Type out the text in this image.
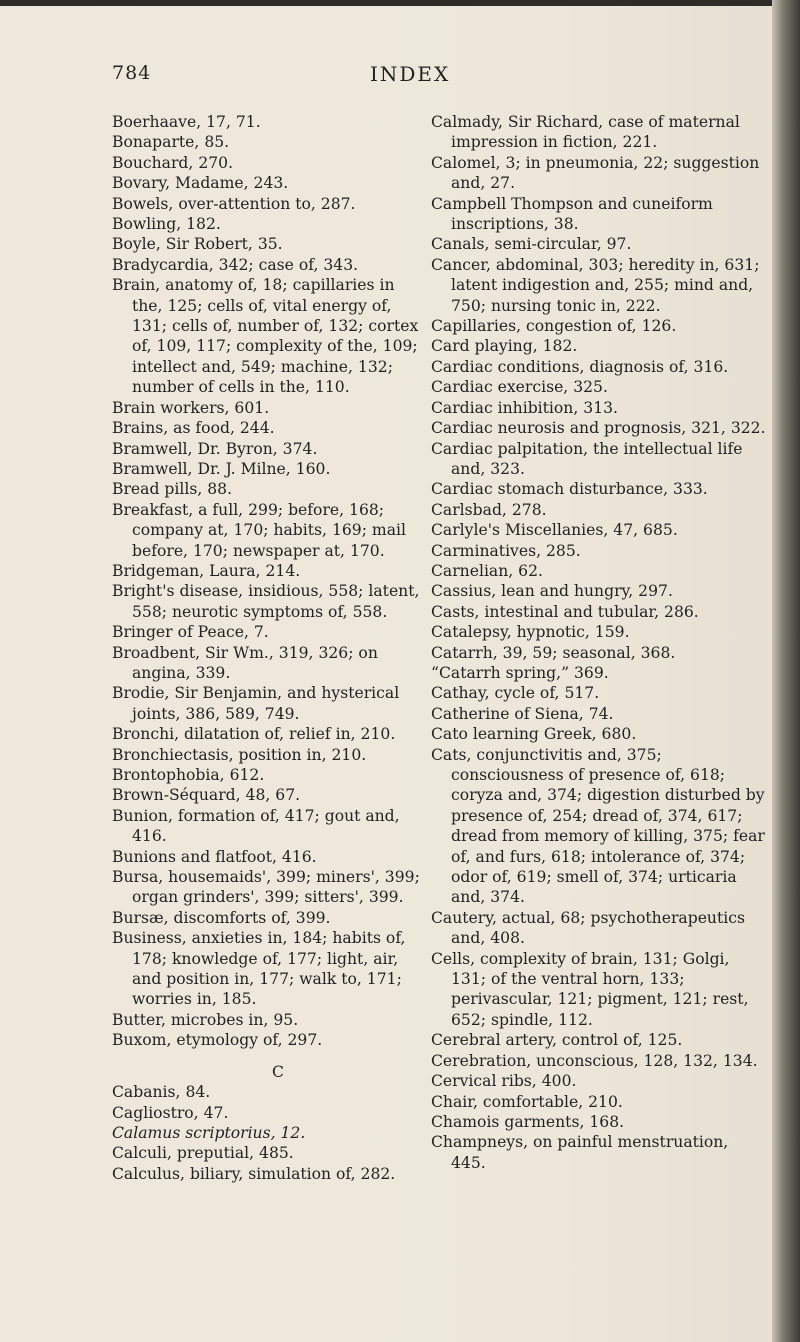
784	INDEX

Boerhaave, 17, 71.

Bonaparte, 85.

Bouchard, 270.

Bovary, Madame, 243.

Bowels, over-attention to, 287.

Bowling, 182.

Boyle, Sir Robert, 35.

Bradycardia, 342; case of, 343.

Brain, anatomy of, 18; capillaries in the, 125; cells of, vital energy of, 131; cells of, number of, 132; cortex of, 109, 117; complexity of the, 109; intellect and, 549; machine, 132; number of cells in the, 110.

Brain workers, 601.

Brains, as food, 244.

Bramwell, Dr. Byron, 374.

Bramwell, Dr. J. Milne, 160.

Bread pills, 88.

Breakfast, a full, 299; before, 168; company at, 170; habits, 169; mail before, 170; newspaper at, 170.

Bridgeman, Laura, 214.

Bright's disease, insidious, 558; latent, 558; neurotic symptoms of, 558.

Bringer of Peace, 7.

Broadbent, Sir Wm., 319, 326; on angina, 339.

Brodie, Sir Benjamin, and hysterical joints, 386, 589, 749.

Bronchi, dilatation of, relief in, 210.

Bronchiectasis, position in, 210.

Brontophobia, 612.

Brown-Séquard, 48, 67.

Bunion, formation of, 417; gout and, 416.

Bunions and flatfoot, 416.

Bursa, housemaids', 399; miners', 399; organ grinders', 399; sitters', 399.

Bursæ, discomforts of, 399.

Business, anxieties in, 184; habits of, 178; knowledge of, 177; light, air, and position in, 177; walk to, 171; worries in, 185.

Butter, microbes in, 95.

Buxom, etymology of, 297.

C

Cabanis, 84.

Cagliostro, 47.

Calamus scriptorius, 12.

Calculi, preputial, 485.

Calculus, biliary, simulation of, 282.

Calmady, Sir Richard, case of maternal impression in fiction, 221.

Calomel, 3; in pneumonia, 22; suggestion and, 27.

Campbell Thompson and cuneiform inscriptions, 38.

Canals, semi-circular, 97.

Cancer, abdominal, 303; heredity in, 631; latent indigestion and, 255; mind and, 750; nursing tonic in, 222.

Capillaries, congestion of, 126.

Card playing, 182.

Cardiac conditions, diagnosis of, 316.

Cardiac exercise, 325.

Cardiac inhibition, 313.

Cardiac neurosis and prognosis, 321, 322.

Cardiac palpitation, the intellectual life and, 323.

Cardiac stomach disturbance, 333.

Carlsbad, 278.

Carlyle's Miscellanies, 47, 685.

Carminatives, 285.

Carnelian, 62.

Cassius, lean and hungry, 297.

Casts, intestinal and tubular, 286.

Catalepsy, hypnotic, 159.

Catarrh, 39, 59; seasonal, 368.

“Catarrh spring,” 369.

Cathay, cycle of, 517.

Catherine of Siena, 74.

Cato learning Greek, 680.

Cats, conjunctivitis and, 375; consciousness of presence of, 618; coryza and, 374; digestion disturbed by presence of, 254; dread of, 374, 617; dread from memory of killing, 375; fear of, and furs, 618; intolerance of, 374; odor of, 619; smell of, 374; urticaria and, 374.

Cautery, actual, 68; psychotherapeutics and, 408.

Cells, complexity of brain, 131; Golgi, 131; of the ventral horn, 133; perivascular, 121; pigment, 121; rest, 652; spindle, 112.

Cerebral artery, control of, 125.

Cerebration, unconscious, 128, 132, 134.

Cervical ribs, 400.

Chair, comfortable, 210.

Chamois garments, 168.

Champneys, on painful menstruation, 445.
